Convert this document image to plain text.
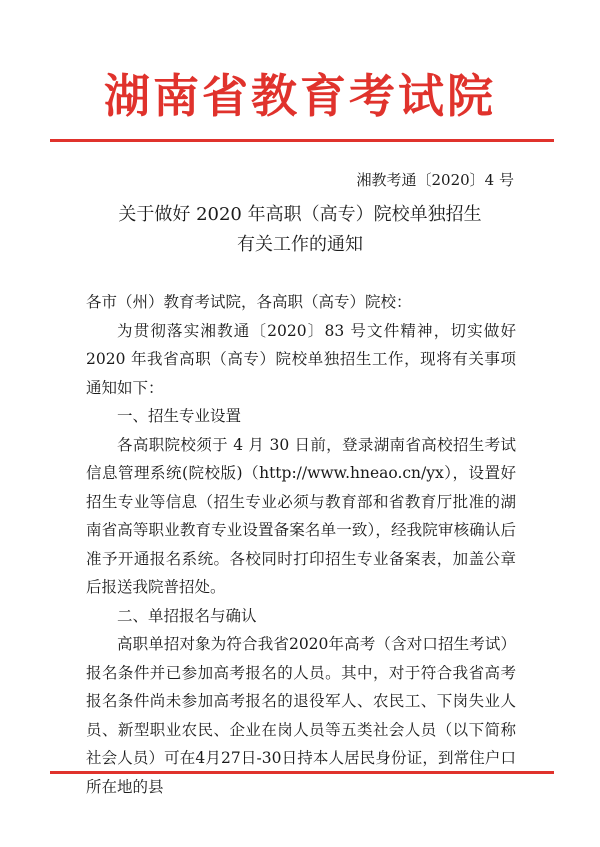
湖南省教育考试院
湘教考通〔2020〕4 号
关于做好 2020 年高职（高专）院校单独招生
有关工作的通知
各市（州）教育考试院，各高职（高专）院校：
为贯彻落实湘教通〔2020〕83 号文件精神，切实做好 2020 年我省高职（高专）院校单独招生工作，现将有关事项通知如下：
一、招生专业设置
各高职院校须于 4 月 30 日前，登录湖南省高校招生考试信息管理系统(院校版)（http://www.hneao.cn/yx），设置好招生专业等信息（招生专业必须与教育部和省教育厅批准的湖南省高等职业教育专业设置备案名单一致），经我院审核确认后准予开通报名系统。各校同时打印招生专业备案表，加盖公章后报送我院普招处。
二、单招报名与确认
高职单招对象为符合我省2020年高考（含对口招生考试）报名条件并已参加高考报名的人员。其中，对于符合我省高考报名条件尚未参加高考报名的退役军人、农民工、下岗失业人员、新型职业农民、企业在岗人员等五类社会人员（以下简称社会人员）可在4月27日-30日持本人居民身份证，到常住户口所在地的县
